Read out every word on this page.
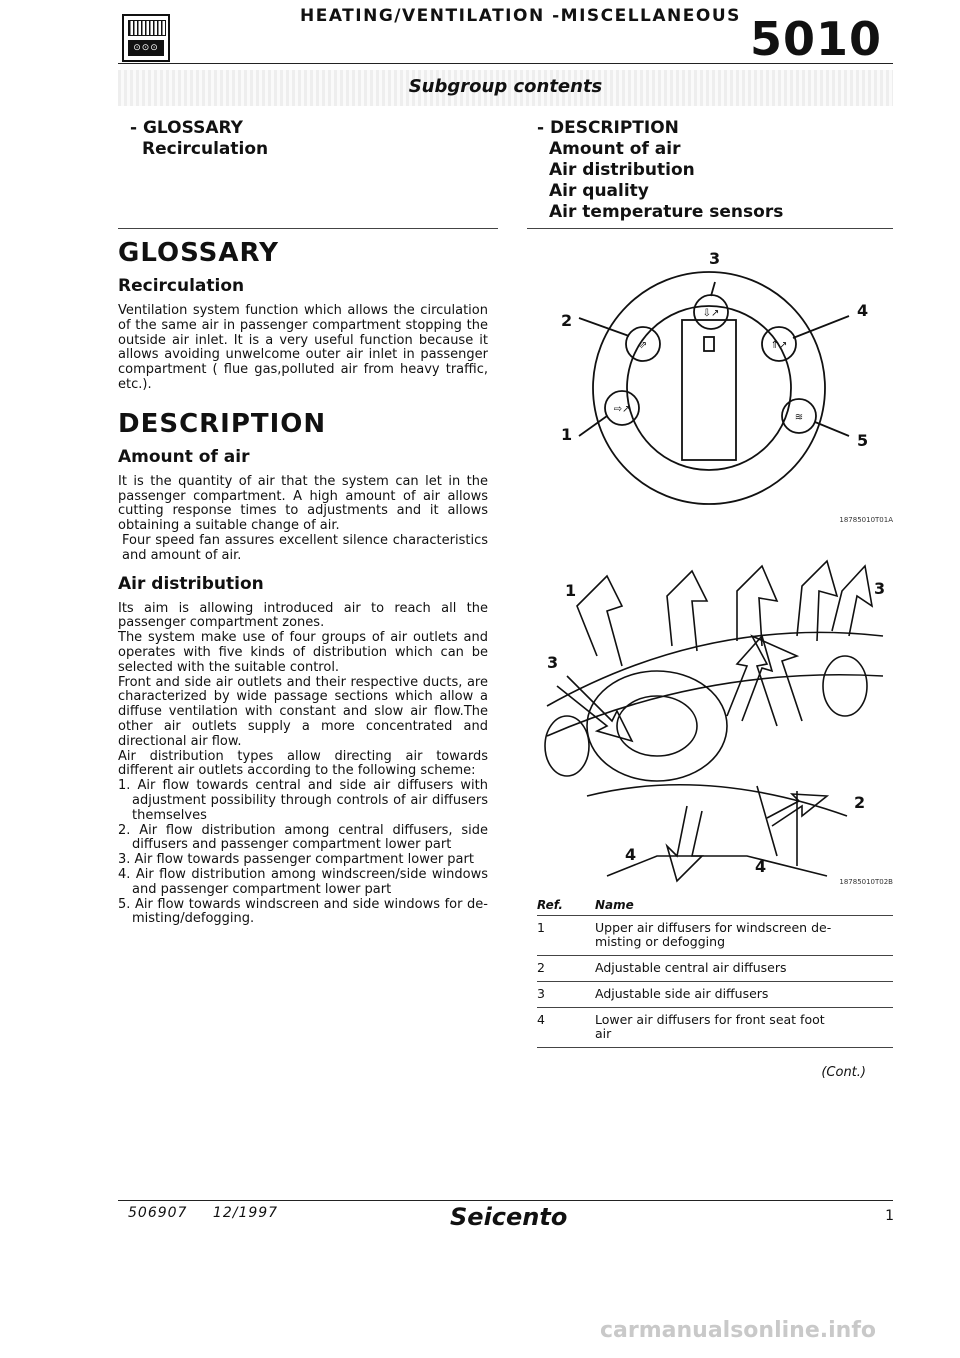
⊙⊙⊙
HEATING/VENTILATION -MISCELLANEOUS 5010
Subgroup contents
- GLOSSARY
Recirculation
- DESCRIPTION
Amount of air
Air distribution
Air quality
Air temperature sensors
GLOSSARY
Recirculation

Ventilation system function which allows the circulation of the same air in passenger compartment stopping the outside air inlet. It is a very useful function because it allows avoiding unwelcome outer air inlet in passenger compartment ( flue gas,polluted air from heavy traffic, etc.).

DESCRIPTION
Amount of air

It is the quantity of air that the system can let in the passenger compartment. A high amount of air allows cutting response times to adjustments and it allows obtaining a suitable change of air.

Four speed fan assures excellent silence characteristics and amount of air.

Air distribution

Its aim is allowing introduced air to reach all the passenger compartment zones.

The system make use of four groups of air outlets and operates with five kinds of distribution which can be selected with the suitable control.

Front and side air outlets and their respective ducts, are characterized by wide passage sections which allow a diffuse ventilation with constant and slow air flow.The other air outlets supply a more concentrated and directional air flow.

Air distribution types allow directing air towards different air outlets according to the following scheme:

1. Air flow towards central and side air diffusers with adjustment possibility through controls of air diffusers themselves
2. Air flow distribution among central diffusers, side diffusers and passenger compartment lower part
3. Air flow towards passenger compartment lower part
4. Air flow distribution among windscreen/side windows and passenger compartment lower part
5. Air flow towards windscreen and side windows for de-misting/defogging.
⇩↗
⇗
⇨↗
⇑↗
≋
1
2
3
4
5
18785010T01A
1	3
3
2
4
4
18785010T02B
Ref.	Name
1	Upper air diffusers for windscreen de-misting or defogging
2	Adjustable central air diffusers
3	Adjustable side air diffusers
4	Lower air diffusers for front seat foot air
(Cont.)
506907 12/1997	Seicento	1
carmanualsonline.info
